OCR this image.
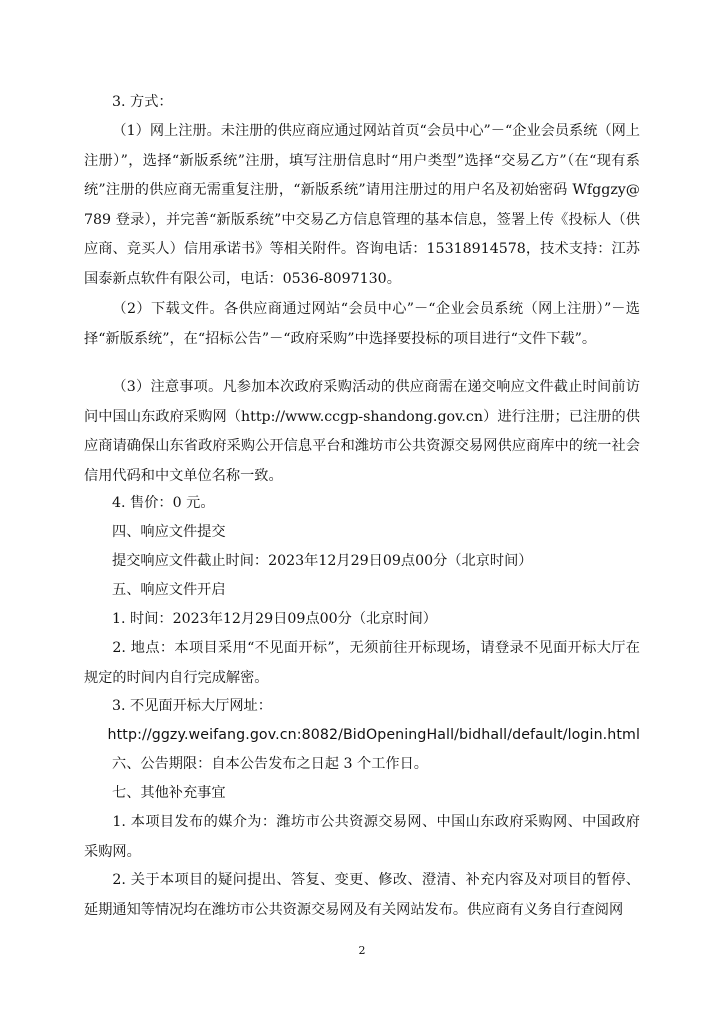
3. 方式：

（1）网上注册。未注册的供应商应通过网站首页“会员中心”－“企业会员系统（网上注册）”，选择“新版系统”注册，填写注册信息时“用户类型”选择“交易乙方”（在“现有系统”注册的供应商无需重复注册，“新版系统”请用注册过的用户名及初始密码 Wfggzy@789 登录），并完善“新版系统”中交易乙方信息管理的基本信息，签署上传《投标人（供应商、竞买人）信用承诺书》等相关附件。咨询电话：15318914578，技术支持：江苏国泰新点软件有限公司，电话：0536-8097130。

（2）下载文件。各供应商通过网站“会员中心”－“企业会员系统（网上注册）”－选择“新版系统”，在“招标公告”－“政府采购”中选择要投标的项目进行“文件下载”。

（3）注意事项。凡参加本次政府采购活动的供应商需在递交响应文件截止时间前访问中国山东政府采购网（http://www.ccgp-shandong.gov.cn）进行注册；已注册的供应商请确保山东省政府采购公开信息平台和潍坊市公共资源交易网供应商库中的统一社会信用代码和中文单位名称一致。

4. 售价：0 元。

四、响应文件提交

提交响应文件截止时间：2023年12月29日09点00分（北京时间）

五、响应文件开启

1. 时间：2023年12月29日09点00分（北京时间）

2. 地点：本项目采用“不见面开标”，无须前往开标现场，请登录不见面开标大厅在规定的时间内自行完成解密。

3. 不见面开标大厅网址：

http://ggzy.weifang.gov.cn:8082/BidOpeningHall/bidhall/default/login.html

六、公告期限：自本公告发布之日起 3 个工作日。

七、其他补充事宜

1. 本项目发布的媒介为：潍坊市公共资源交易网、中国山东政府采购网、中国政府采购网。

2. 关于本项目的疑问提出、答复、变更、修改、澄清、补充内容及对项目的暂停、延期通知等情况均在潍坊市公共资源交易网及有关网站发布。供应商有义务自行查阅网

2
